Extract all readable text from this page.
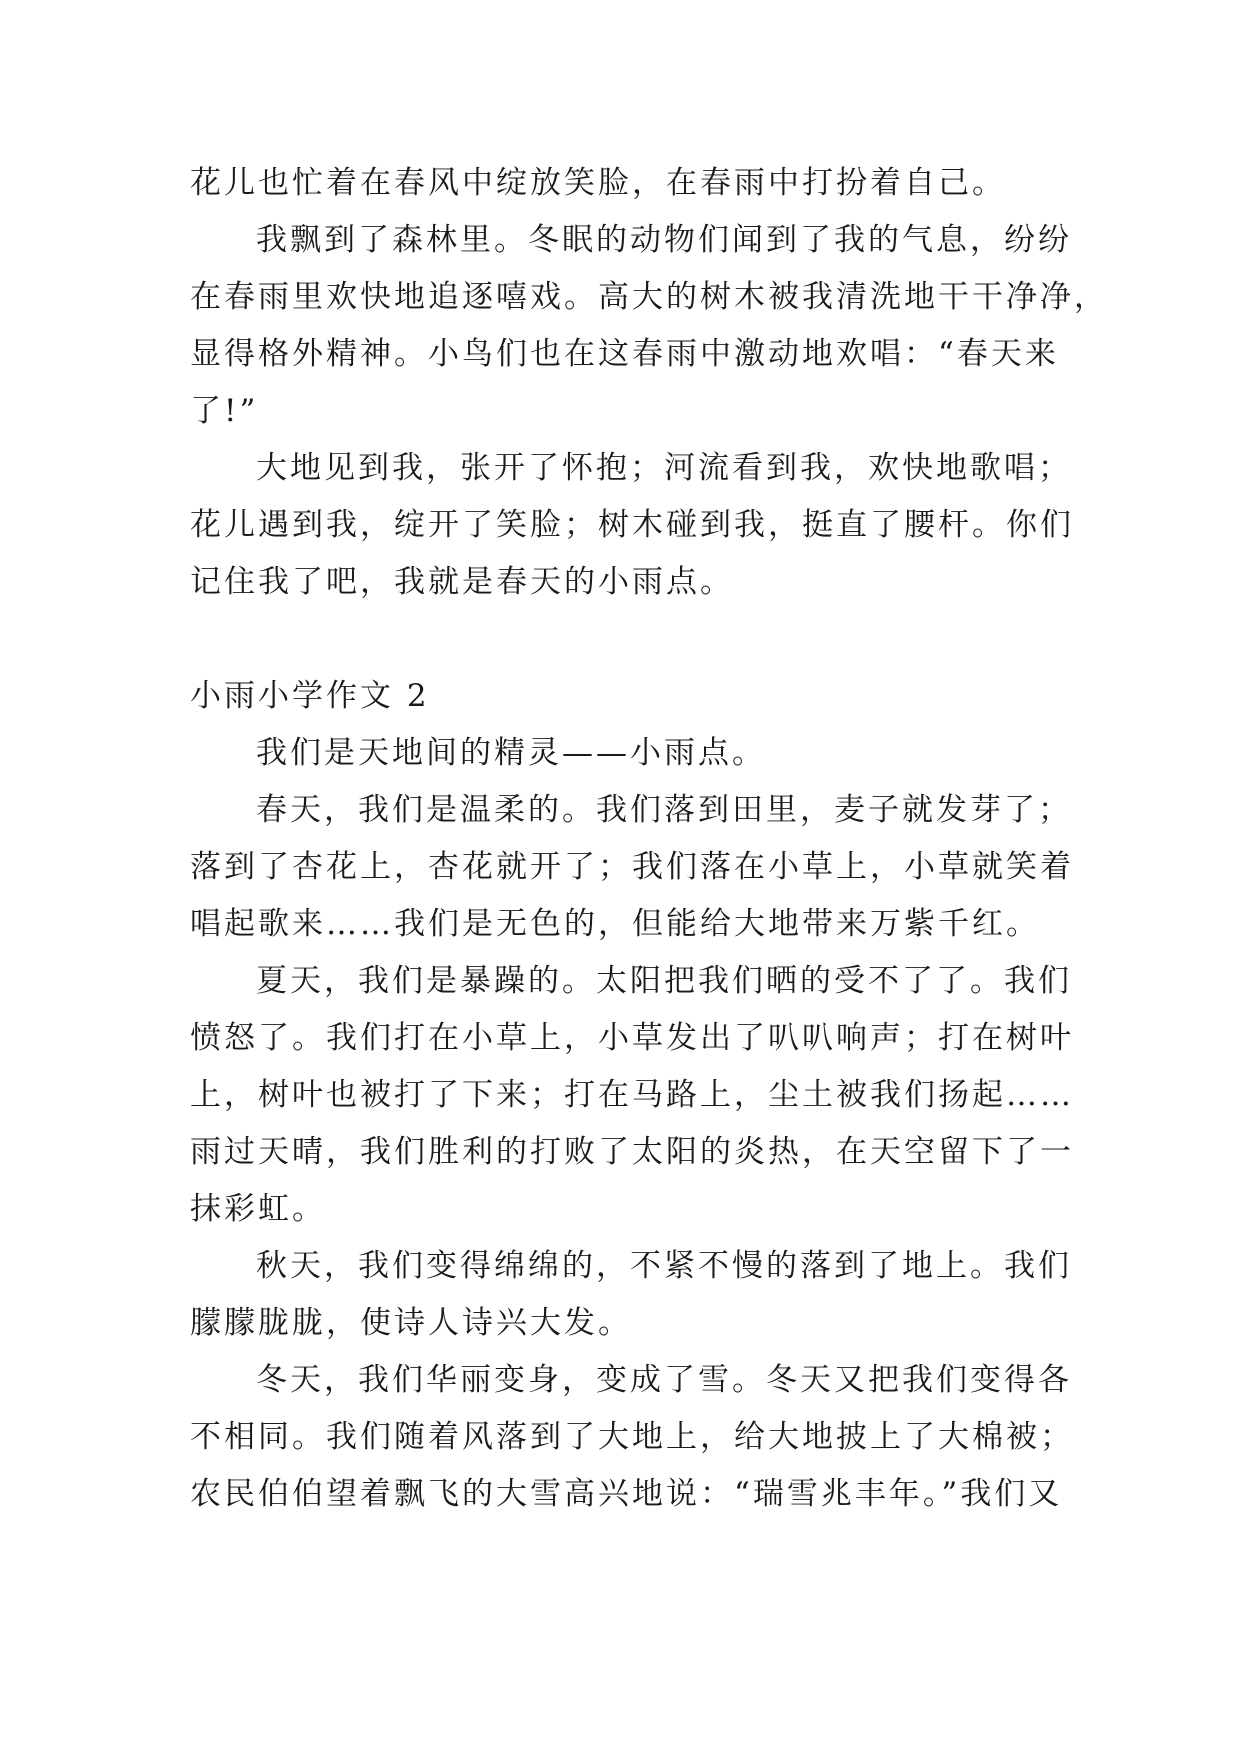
花儿也忙着在春风中绽放笑脸，在春雨中打扮着自己。
我飘到了森林里。冬眠的动物们闻到了我的气息，纷纷
在春雨里欢快地追逐嘻戏。高大的树木被我清洗地干干净净，
显得格外精神。小鸟们也在这春雨中激动地欢唱：“春天来
了!”
大地见到我，张开了怀抱；河流看到我，欢快地歌唱；
花儿遇到我，绽开了笑脸；树木碰到我，挺直了腰杆。你们
记住我了吧，我就是春天的小雨点。
小雨小学作文 2
我们是天地间的精灵——小雨点。
春天，我们是温柔的。我们落到田里，麦子就发芽了；
落到了杏花上，杏花就开了；我们落在小草上，小草就笑着
唱起歌来……我们是无色的，但能给大地带来万紫千红。
夏天，我们是暴躁的。太阳把我们晒的受不了了。我们
愤怒了。我们打在小草上，小草发出了叭叭响声；打在树叶
上，树叶也被打了下来；打在马路上，尘土被我们扬起……
雨过天晴，我们胜利的打败了太阳的炎热，在天空留下了一
抹彩虹。
秋天，我们变得绵绵的，不紧不慢的落到了地上。我们
朦朦胧胧，使诗人诗兴大发。
冬天，我们华丽变身，变成了雪。冬天又把我们变得各
不相同。我们随着风落到了大地上，给大地披上了大棉被；
农民伯伯望着飘飞的大雪高兴地说：“瑞雪兆丰年。”我们又
